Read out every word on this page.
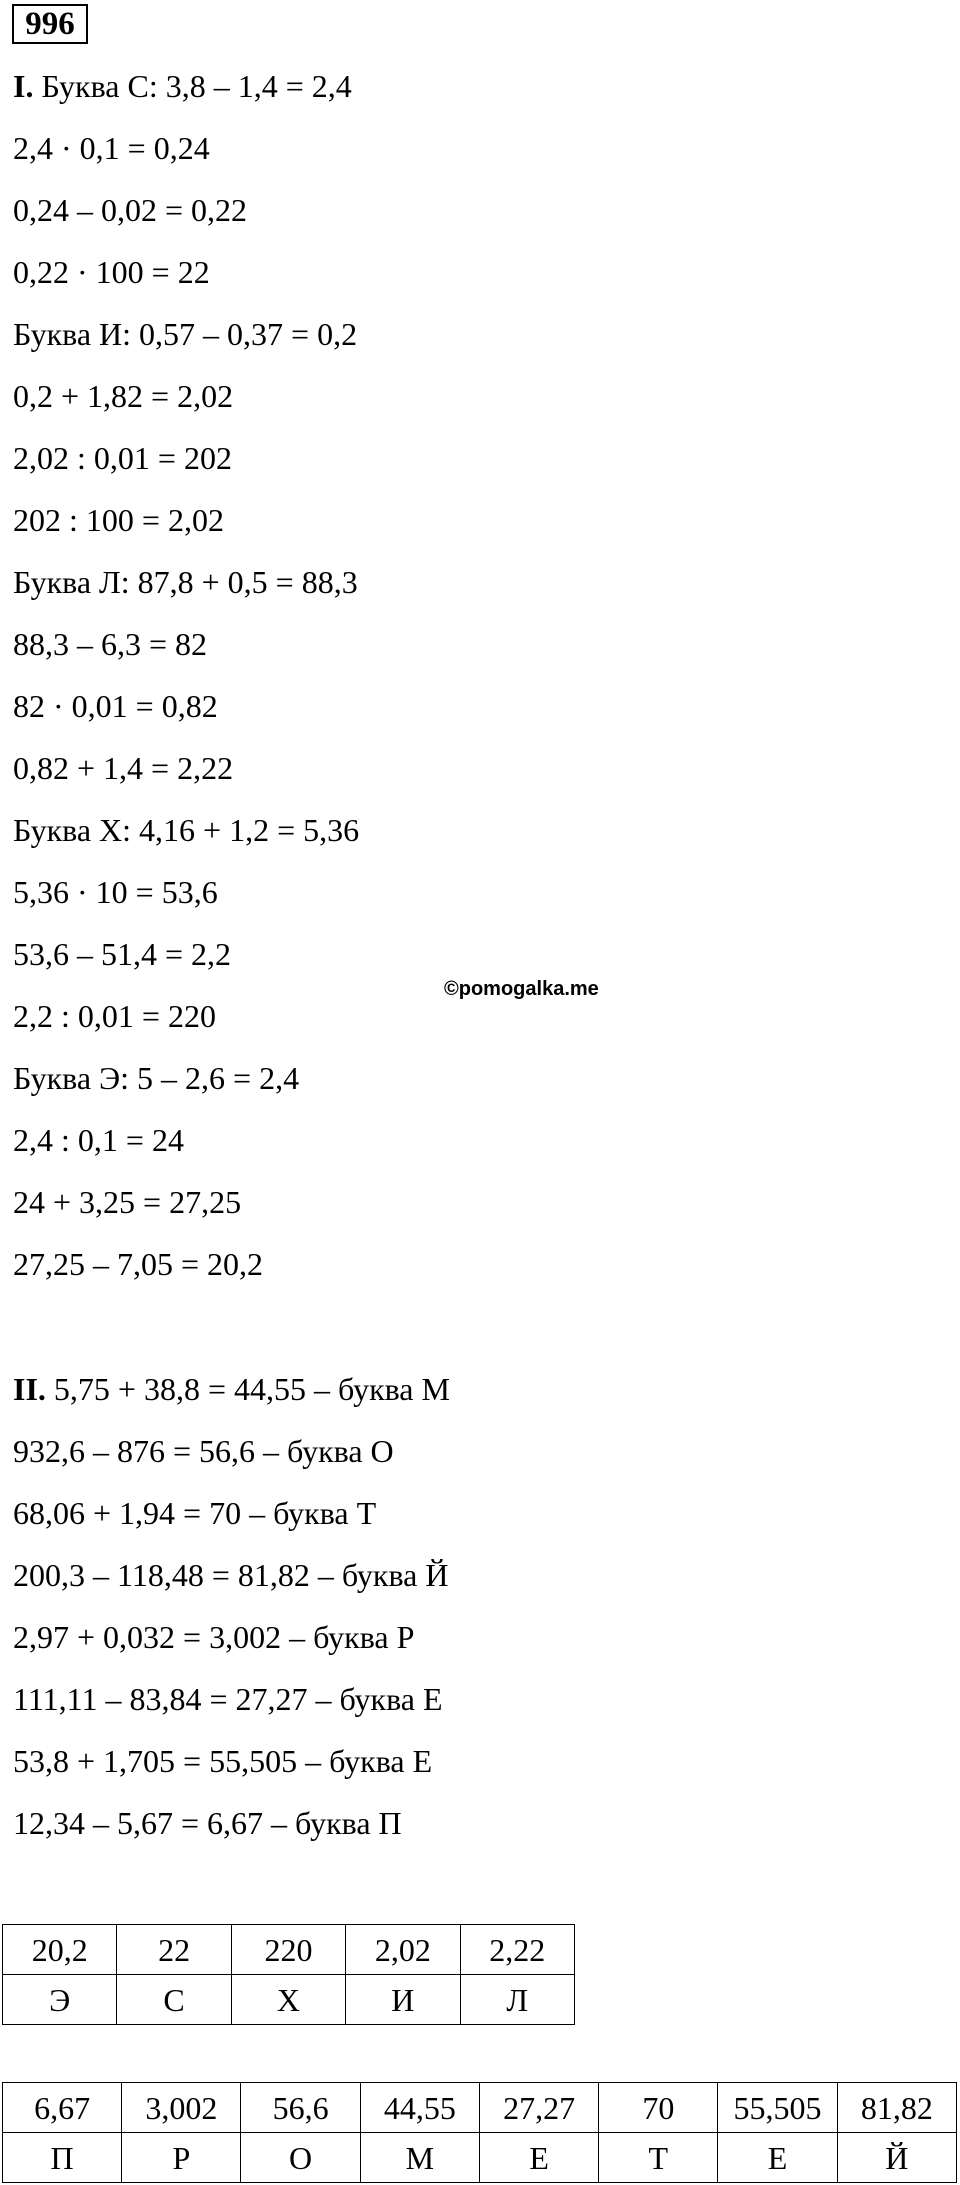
996
I. Буква С: 3,8 – 1,4 = 2,4
2,4 · 0,1 = 0,24
0,24 – 0,02 = 0,22
0,22 · 100 = 22
Буква И: 0,57 – 0,37 = 0,2
0,2 + 1,82 = 2,02
2,02 : 0,01 = 202
202 : 100 = 2,02
Буква Л: 87,8 + 0,5 = 88,3
88,3 – 6,3 = 82
82 · 0,01 = 0,82
0,82 + 1,4 = 2,22
Буква Х: 4,16 + 1,2 = 5,36
5,36 · 10 = 53,6
53,6 – 51,4 = 2,2
2,2 : 0,01 = 220
Буква Э: 5 – 2,6 = 2,4
2,4 : 0,1 = 24
24 + 3,25 = 27,25
27,25 – 7,05 = 20,2
II. 5,75 + 38,8 = 44,55 – буква М
932,6 – 876 = 56,6 – буква О
68,06 + 1,94 = 70 – буква Т
200,3 – 118,48 = 81,82 – буква Й
2,97 + 0,032 = 3,002 – буква Р
111,11 – 83,84 = 27,27 – буква Е
53,8 + 1,705 = 55,505 – буква Е
12,34 – 5,67 = 6,67 – буква П
©pomogalka.me
20,2	22	220	2,02	2,22
Э	С	Х	И	Л
6,67	3,002	56,6	44,55	27,27	70	55,505	81,82
П	Р	О	М	Е	Т	Е	Й
